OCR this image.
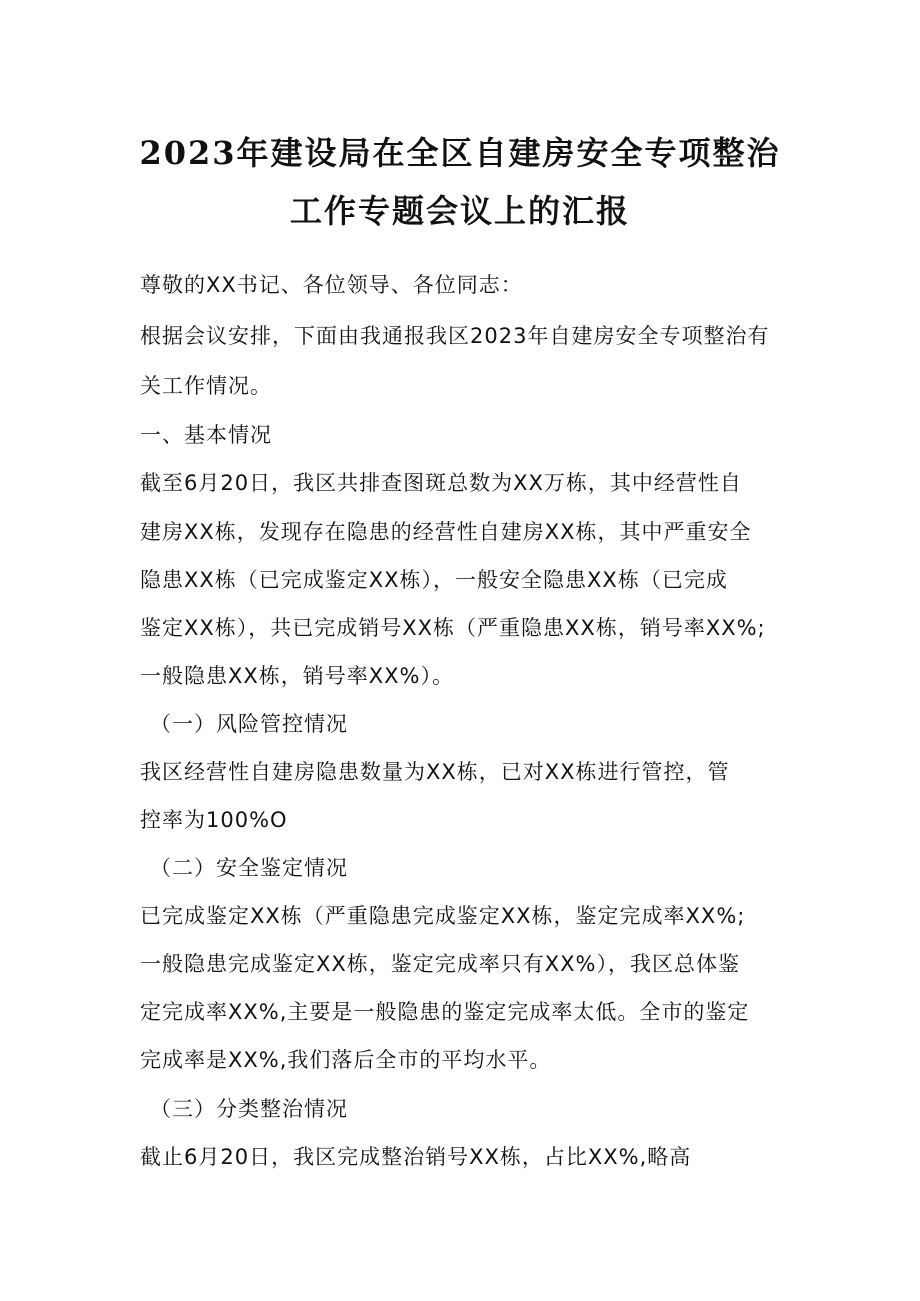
2023年建设局在全区自建房安全专项整治
工作专题会议上的汇报
尊敬的XX书记、各位领导、各位同志：
根据会议安排，下面由我通报我区2023年自建房安全专项整治有
关工作情况。
一、基本情况
截至6月20日，我区共排查图斑总数为XX万栋，其中经营性自
建房XX栋，发现存在隐患的经营性自建房XX栋，其中严重安全
隐患XX栋（已完成鉴定XX栋），一般安全隐患XX栋（已完成
鉴定XX栋），共已完成销号XX栋（严重隐患XX栋，销号率XX%;
一般隐患XX栋，销号率XX%）。
（一）风险管控情况
我区经营性自建房隐患数量为XX栋，已对XX栋进行管控，管
控率为100%O
（二）安全鉴定情况
已完成鉴定XX栋（严重隐患完成鉴定XX栋，鉴定完成率XX%;
一般隐患完成鉴定XX栋，鉴定完成率只有XX%），我区总体鉴
定完成率XX%,主要是一般隐患的鉴定完成率太低。全市的鉴定
完成率是XX%,我们落后全市的平均水平。
（三）分类整治情况
截止6月20日，我区完成整治销号XX栋，占比XX%,略高
